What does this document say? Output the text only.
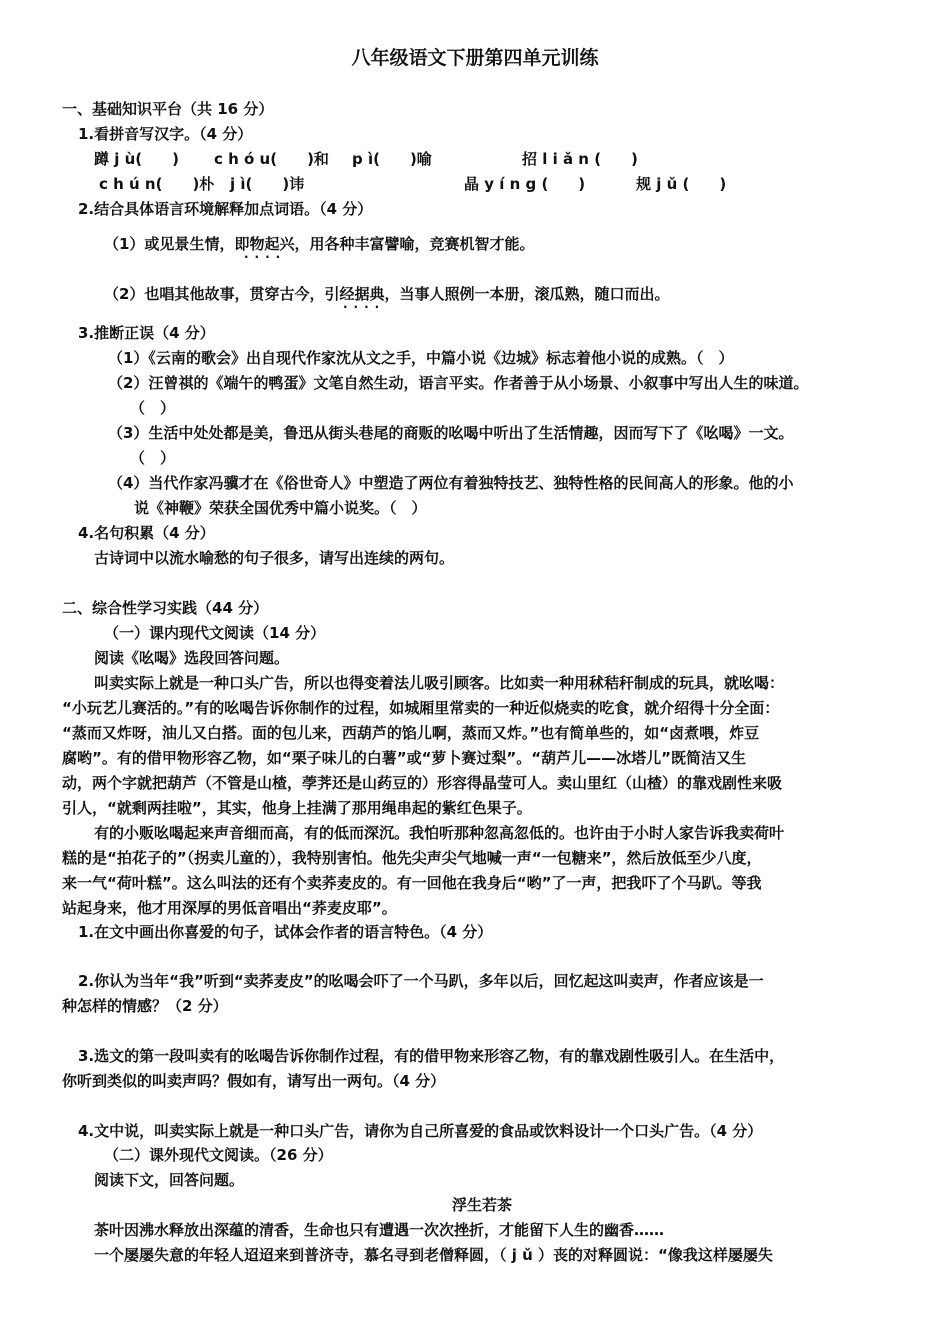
八年级语文下册第四单元训练
一、基础知识平台（共 16 分）
1.看拼音写汉字。（4 分）
蹲 j ù(　　) c h ó u(　　)和 p ì(　　)喻	招 l i ǎ n (　　)
c h ú n(　　)朴 j ì(　　)讳	晶 y í n g (　　)	规 j ǔ (　　)
2.结合具体语言环境解释加点词语。（4 分）
（1）或见景生情，即物起兴，用各种丰富譬喻，竞赛机智才能。
····
（2）也唱其他故事，贯穿古今，引经据典，当事人照例一本册，滚瓜熟，随口而出。
····
3.推断正误（4 分）
（1）《云南的歌会》出自现代作家沈从文之手，中篇小说《边城》标志着他小说的成熟。（　）
（2）汪曾祺的《端午的鸭蛋》文笔自然生动，语言平实。作者善于从小场景、小叙事中写出人生的味道。
（　）
（3）生活中处处都是美，鲁迅从街头巷尾的商贩的吆喝中听出了生活情趣，因而写下了《吆喝》一文。
（　）
（4）当代作家冯骥才在《俗世奇人》中塑造了两位有着独特技艺、独特性格的民间高人的形象。他的小
说《神鞭》荣获全国优秀中篇小说奖。（　）
4.名句积累（4 分）
古诗词中以流水喻愁的句子很多，请写出连续的两句。
二、综合性学习实践（44 分）
（一）课内现代文阅读（14 分）
阅读《吆喝》选段回答问题。
叫卖实际上就是一种口头广告，所以也得变着法儿吸引顾客。比如卖一种用秫秸秆制成的玩具，就吆喝：
“小玩艺儿赛活的。”有的吆喝告诉你制作的过程，如城厢里常卖的一种近似烧卖的吃食，就介绍得十分全面：
“蒸而又炸呀，油儿又白搭。面的包儿来，西葫芦的馅儿啊，蒸而又炸。”也有简单些的，如“卤煮喂，炸豆
腐哟”。有的借甲物形容乙物，如“栗子味儿的白薯”或“萝卜赛过梨”。“葫芦儿——冰塔儿”既简洁又生
动，两个字就把葫芦（不管是山楂，荸荠还是山药豆的）形容得晶莹可人。卖山里红（山楂）的靠戏剧性来吸
引人，“就剩两挂啦”，其实，他身上挂满了那用绳串起的紫红色果子。
有的小贩吆喝起来声音细而高，有的低而深沉。我怕听那种忽高忽低的。也许由于小时人家告诉我卖荷叶
糕的是“拍花子的”（拐卖儿童的），我特别害怕。他先尖声尖气地喊一声“一包糖来”，然后放低至少八度，
来一气“荷叶糕”。这么叫法的还有个卖荞麦皮的。有一回他在我身后“哟”了一声，把我吓了个马趴。等我
站起身来，他才用深厚的男低音唱出“荞麦皮耶”。
1.在文中画出你喜爱的句子，试体会作者的语言特色。（4 分）
2.你认为当年“我”听到“卖荞麦皮”的吆喝会吓了一个马趴，多年以后，回忆起这叫卖声，作者应该是一
种怎样的情感？（2 分）
3.选文的第一段叫卖有的吆喝告诉你制作过程，有的借甲物来形容乙物，有的靠戏剧性吸引人。在生活中，
你听到类似的叫卖声吗？假如有，请写出一两句。（4 分）
4.文中说，叫卖实际上就是一种口头广告，请你为自己所喜爱的食品或饮料设计一个口头广告。（4 分）
（二）课外现代文阅读。（26 分）
阅读下文，回答问题。
浮生若茶
茶叶因沸水释放出深蕴的清香，生命也只有遭遇一次次挫折，才能留下人生的幽香……
一个屡屡失意的年轻人迢迢来到普济寺，慕名寻到老僧释圆，（ j ǔ ）丧的对释圆说：“像我这样屡屡失
